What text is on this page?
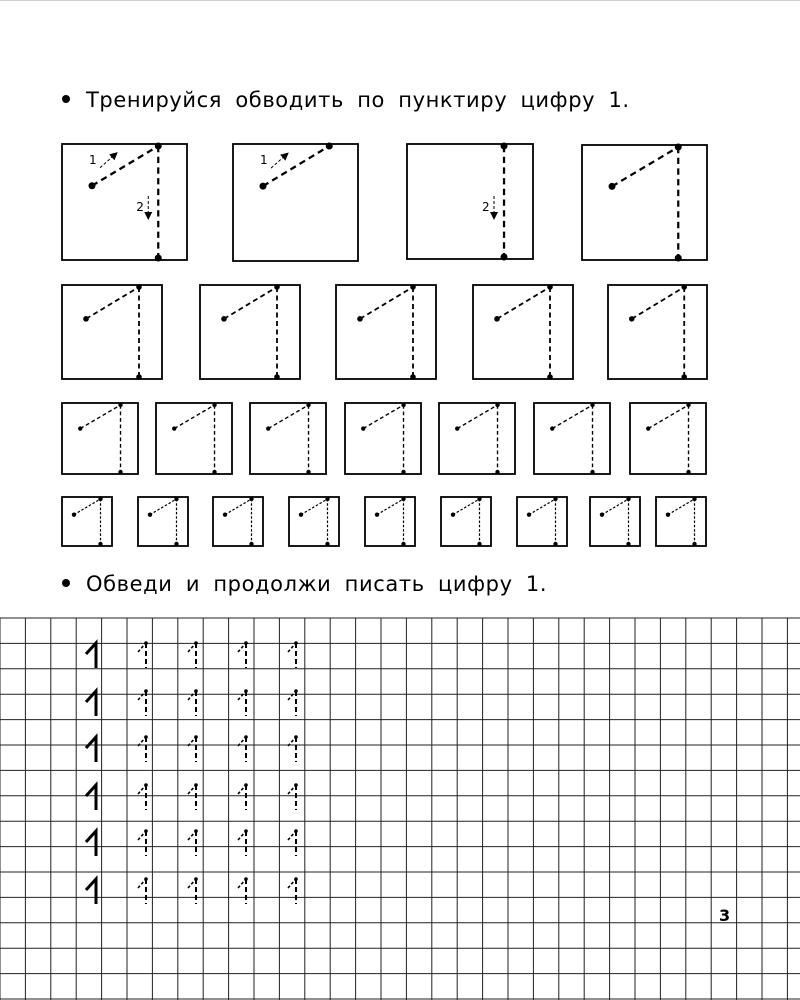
Тренируйся обводить по пунктиру цифру 1.
1
2
1
2
Обведи и продолжи писать цифру 1.
3
